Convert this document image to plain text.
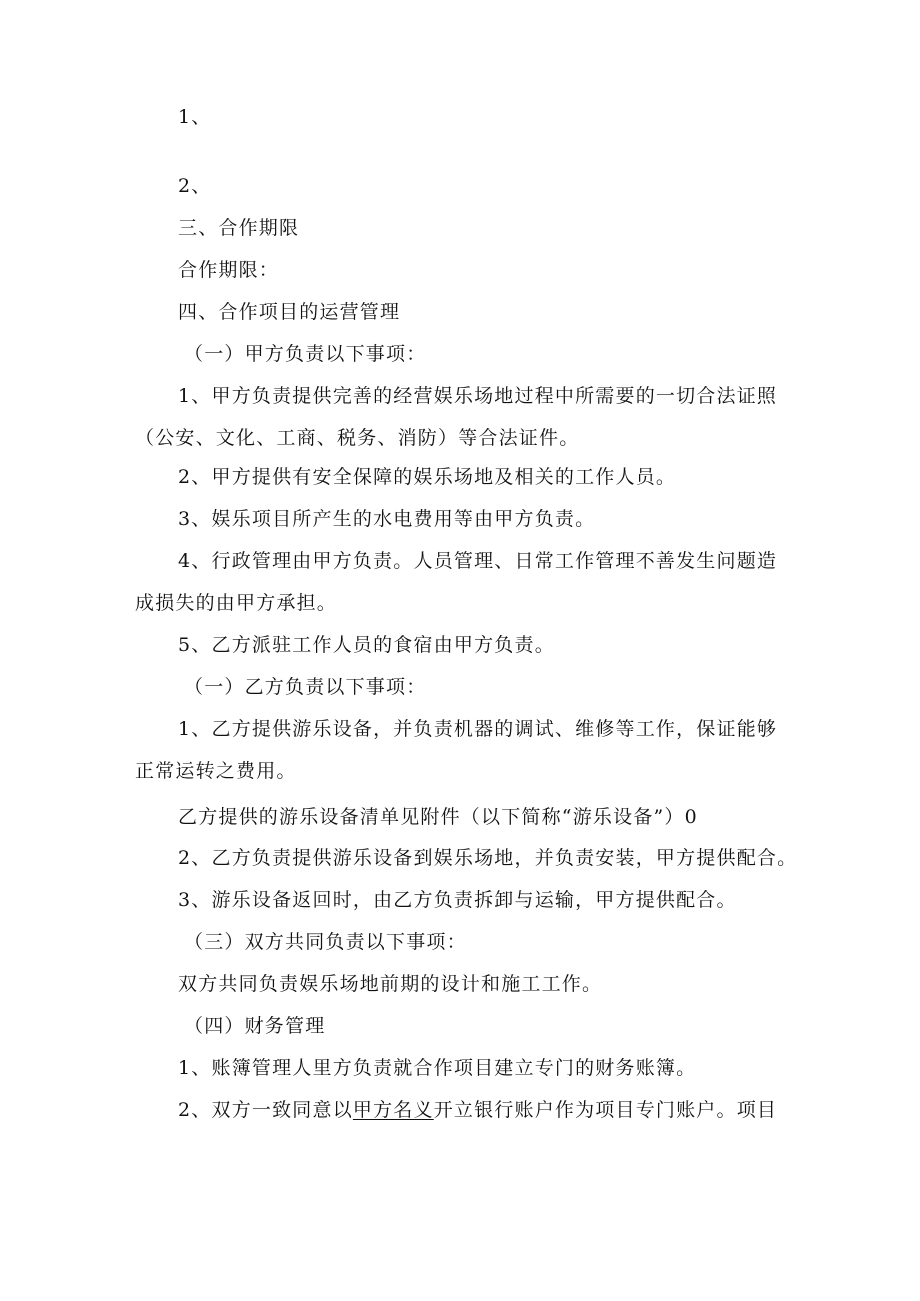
1、
2、
三、合作期限
合作期限：
四、合作项目的运营管理
（一）甲方负责以下事项：
1、甲方负责提供完善的经营娱乐场地过程中所需要的一切合法证照
（公安、文化、工商、税务、消防）等合法证件。
2、甲方提供有安全保障的娱乐场地及相关的工作人员。
3、娱乐项目所产生的水电费用等由甲方负责。
4、行政管理由甲方负责。人员管理、日常工作管理不善发生问题造
成损失的由甲方承担。
5、乙方派驻工作人员的食宿由甲方负责。
（一）乙方负责以下事项：
1、乙方提供游乐设备，并负责机器的调试、维修等工作，保证能够
正常运转之费用。
乙方提供的游乐设备清单见附件（以下简称“游乐设备”）0
2、乙方负责提供游乐设备到娱乐场地，并负责安装，甲方提供配合。
3、游乐设备返回时，由乙方负责拆卸与运输，甲方提供配合。
（三）双方共同负责以下事项：
双方共同负责娱乐场地前期的设计和施工工作。
（四）财务管理
1、账簿管理人里方负责就合作项目建立专门的财务账簿。
2、双方一致同意以甲方名义开立银行账户作为项目专门账户。项目
